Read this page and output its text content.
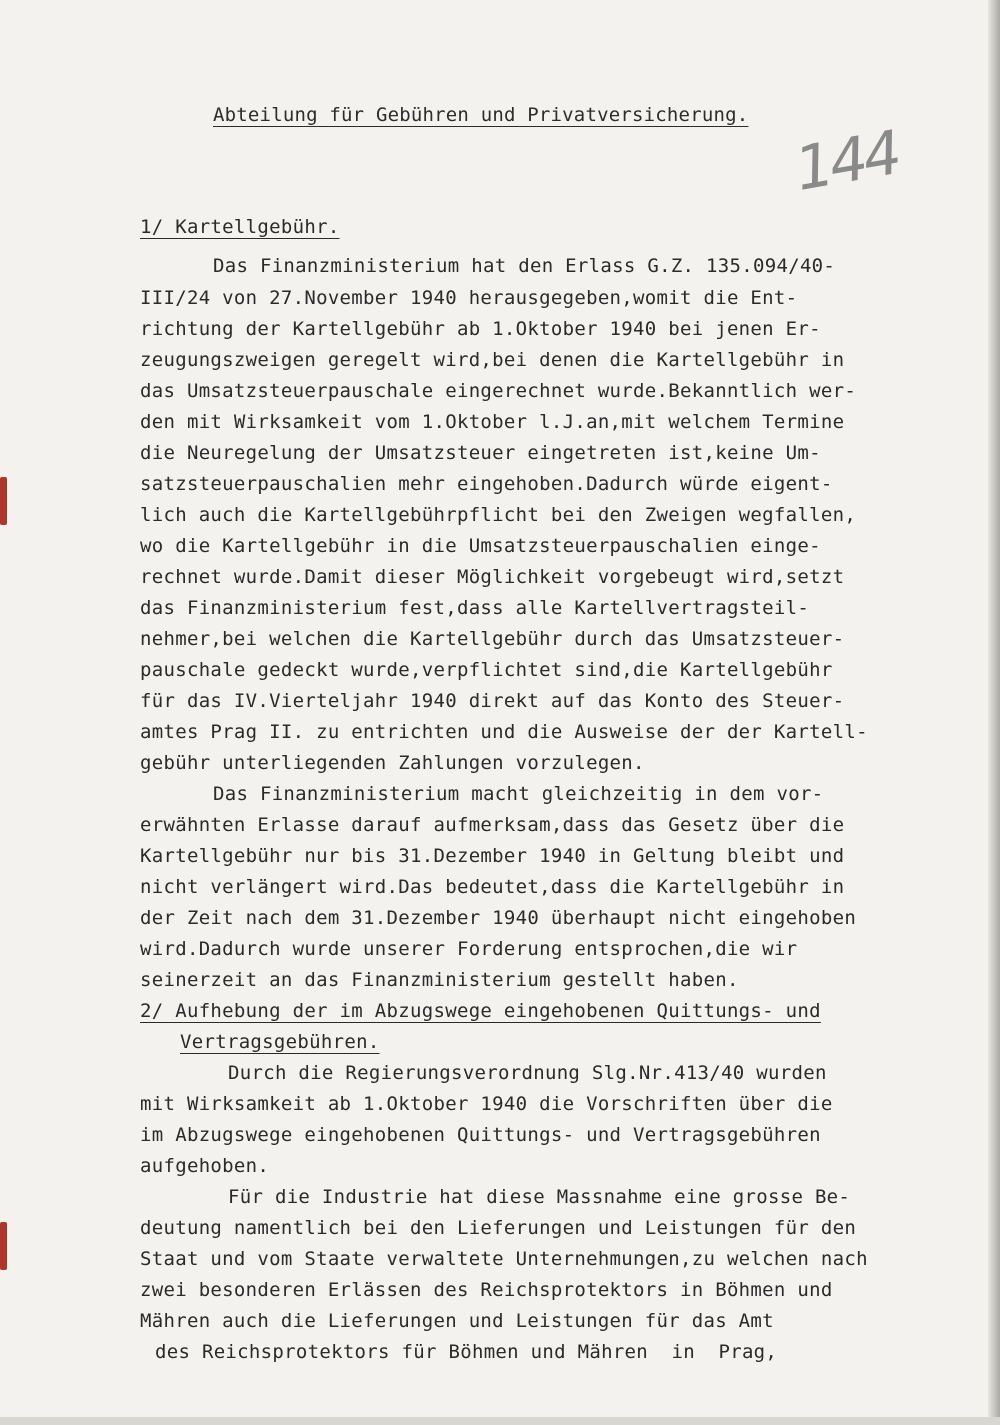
Abteilung für Gebühren und Privatversicherung.
144
1/ Kartellgebühr.
Das Finanzministerium hat den Erlass G.Z. 135.094/40-
III/24 von 27.November 1940 herausgegeben,womit die Ent-
richtung der Kartellgebühr ab 1.Oktober 1940 bei jenen Er-
zeugungszweigen geregelt wird,bei denen die Kartellgebühr in
das Umsatzsteuerpauschale eingerechnet wurde.Bekanntlich wer-
den mit Wirksamkeit vom 1.Oktober l.J.an,mit welchem Termine
die Neuregelung der Umsatzsteuer eingetreten ist,keine Um-
satzsteuerpauschalien mehr eingehoben.Dadurch würde eigent-
lich auch die Kartellgebührpflicht bei den Zweigen wegfallen,
wo die Kartellgebühr in die Umsatzsteuerpauschalien einge-
rechnet wurde.Damit dieser Möglichkeit vorgebeugt wird,setzt
das Finanzministerium fest,dass alle Kartellvertragsteil-
nehmer,bei welchen die Kartellgebühr durch das Umsatzsteuer-
pauschale gedeckt wurde,verpflichtet sind,die Kartellgebühr
für das IV.Vierteljahr 1940 direkt auf das Konto des Steuer-
amtes Prag II. zu entrichten und die Ausweise der der Kartell-
gebühr unterliegenden Zahlungen vorzulegen.
Das Finanzministerium macht gleichzeitig in dem vor-
erwähnten Erlasse darauf aufmerksam,dass das Gesetz über die
Kartellgebühr nur bis 31.Dezember 1940 in Geltung bleibt und
nicht verlängert wird.Das bedeutet,dass die Kartellgebühr in
der Zeit nach dem 31.Dezember 1940 überhaupt nicht eingehoben
wird.Dadurch wurde unserer Forderung entsprochen,die wir
seinerzeit an das Finanzministerium gestellt haben.
2/ Aufhebung der im Abzugswege eingehobenen Quittungs- und
Vertragsgebühren.
Durch die Regierungsverordnung Slg.Nr.413/40 wurden
mit Wirksamkeit ab 1.Oktober 1940 die Vorschriften über die
im Abzugswege eingehobenen Quittungs- und Vertragsgebühren
aufgehoben.
Für die Industrie hat diese Massnahme eine grosse Be-
deutung namentlich bei den Lieferungen und Leistungen für den
Staat und vom Staate verwaltete Unternehmungen,zu welchen nach
zwei besonderen Erlässen des Reichsprotektors in Böhmen und
Mähren auch die Lieferungen und Leistungen für das Amt
des Reichsprotektors für Böhmen und Mähren  in  Prag,
